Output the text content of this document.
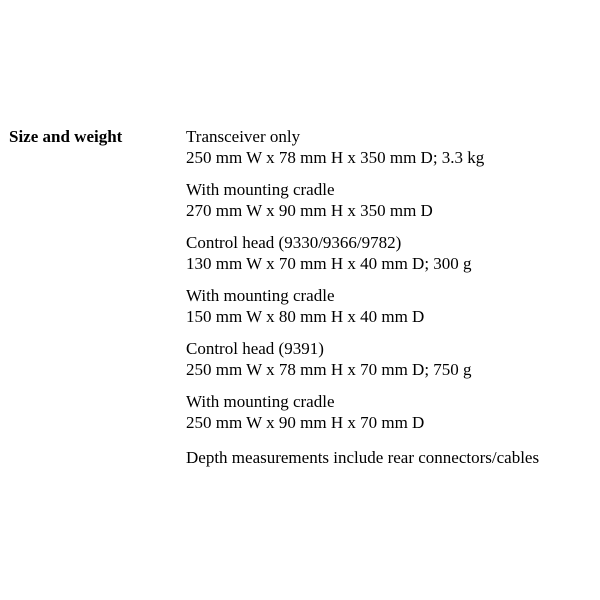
Size and weight	Transceiver only
250 mm W x 78 mm H x 350 mm D; 3.3 kg
With mounting cradle
270 mm W x 90 mm H x 350 mm D
Control head (9330/9366/9782)
130 mm W x 70 mm H x 40 mm D; 300 g
With mounting cradle
150 mm W x 80 mm H x 40 mm D
Control head (9391)
250 mm W x 78 mm H x 70 mm D; 750 g
With mounting cradle
250 mm W x 90 mm H x 70 mm D
Depth measurements include rear connectors/cables
